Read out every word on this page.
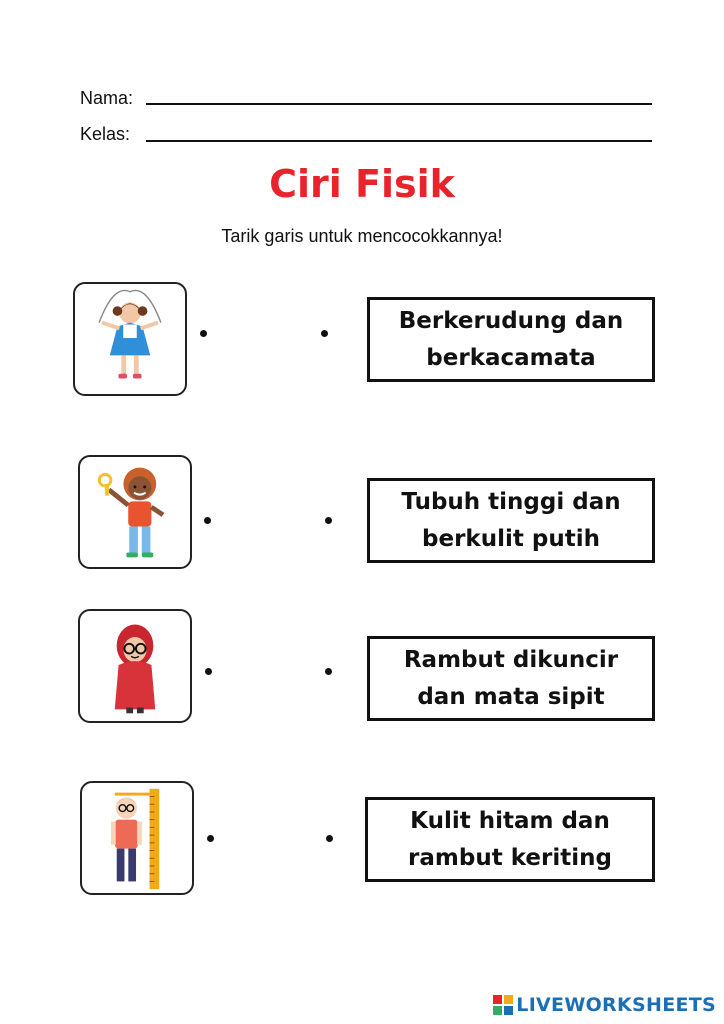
Nama:
Kelas:
Ciri Fisik
Tarik garis untuk mencocokkannya!
Berkerudung dan
berkacamata
Tubuh tinggi dan
berkulit putih
Rambut dikuncir
dan mata sipit
Kulit hitam dan
rambut keriting
LIVEWORKSHEETS
